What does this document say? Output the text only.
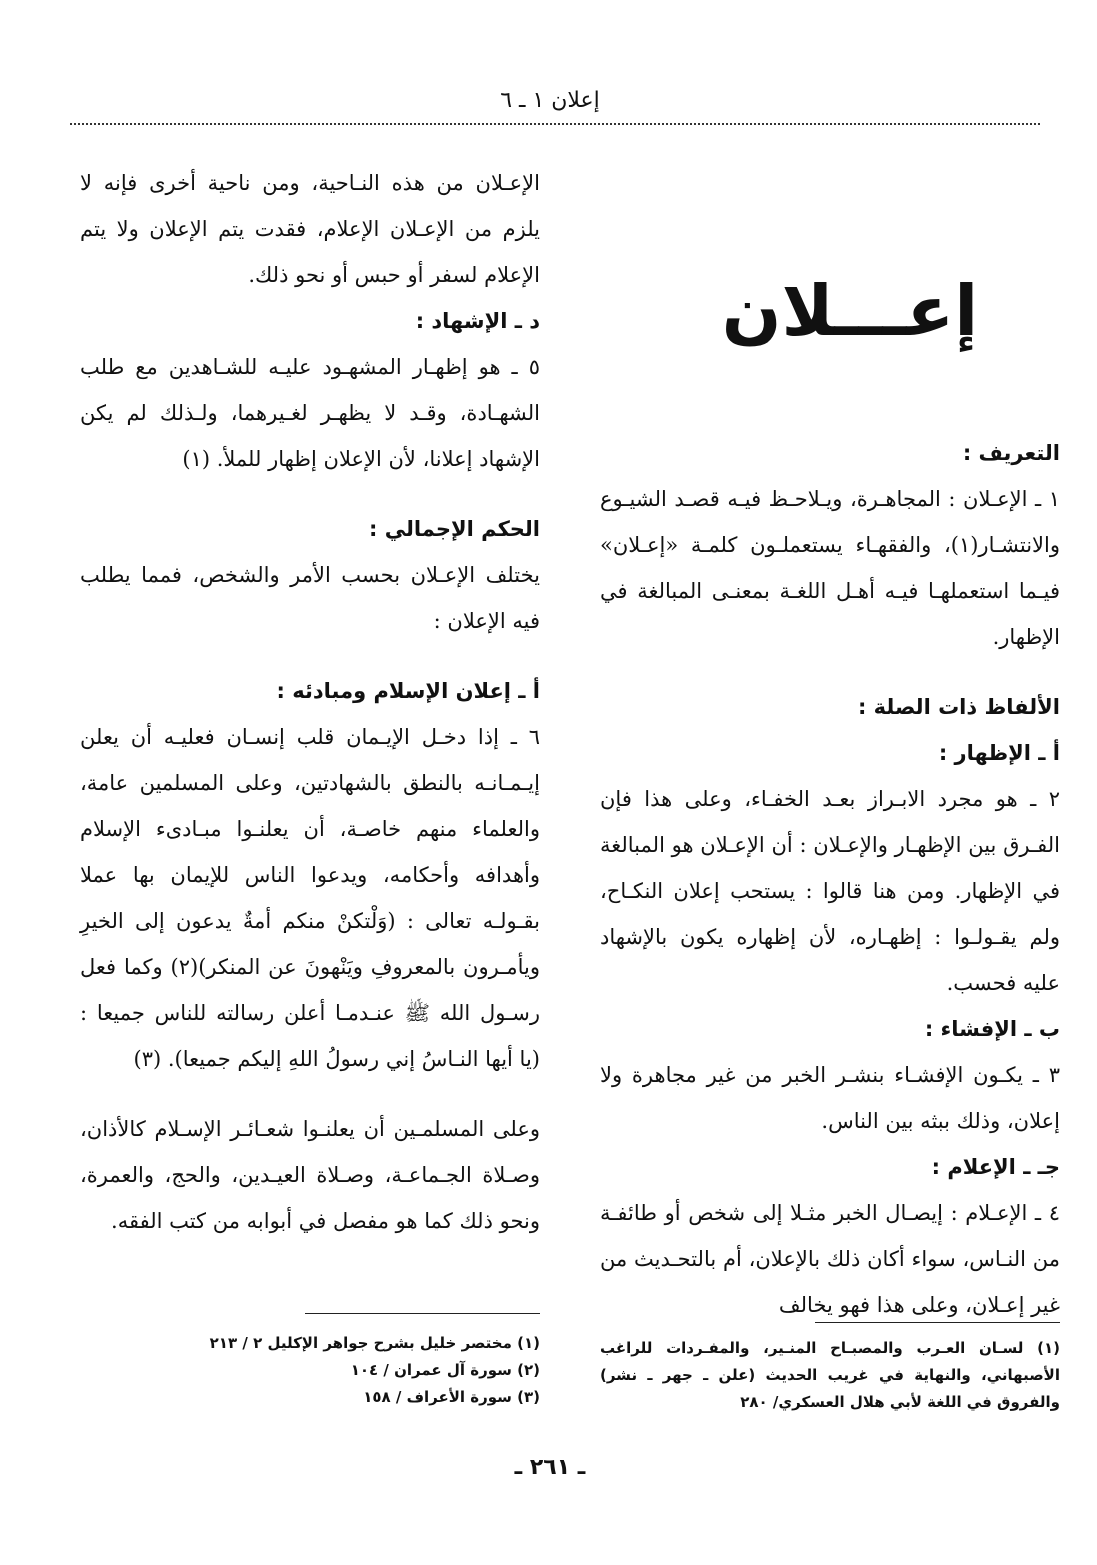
إعلان ١ ـ ٦
إعـــلان

التعريف :

١ ـ الإعـلان : المجاهـرة، ويـلاحـظ فيـه قصـد الشيـوع والانتشـار(١)، والفقهـاء يستعملـون كلمـة «إعـلان» فيـما استعملهـا فيـه أهـل اللغـة بمعنـى المبالغة في الإظهار.

الألفاظ ذات الصلة :

أ ـ الإظهار :

٢ ـ هو مجرد الابـراز بعـد الخفـاء، وعلى هذا فإن الفـرق بين الإظهـار والإعـلان : أن الإعـلان هو المبالغة في الإظهار. ومن هنا قالوا : يستحب إعلان النكـاح، ولم يقـولـوا : إظهـاره، لأن إظهاره يكون بالإشهاد عليه فحسب.

ب ـ الإفشاء :

٣ ـ يكـون الإفشـاء بنشـر الخبر من غير مجاهرة ولا إعلان، وذلك ببثه بين الناس.

جـ ـ الإعلام :

٤ ـ الإعـلام : إيصـال الخبر مثـلا إلى شخص أو طائفـة من النـاس، سواء أكان ذلك بالإعلان، أم بالتحـديث من غير إعـلان، وعلى هذا فهو يخالف

الإعـلان من هذه النـاحية، ومن ناحية أخرى فإنه لا يلزم من الإعـلان الإعلام، فقدت يتم الإعلان ولا يتم الإعلام لسفر أو حبس أو نحو ذلك.

د ـ الإشهاد :

٥ ـ هو إظهـار المشهـود عليـه للشـاهدين مع طلب الشهـادة، وقـد لا يظهـر لغـيرهما، ولـذلك لم يكن الإشهاد إعلانا، لأن الإعلان إظهار للملأ. (١)

الحكم الإجمالي :

يختلف الإعـلان بحسب الأمر والشخص، فمما يطلب فيه الإعلان :

أ ـ إعلان الإسلام ومبادئه :

٦ ـ إذا دخـل الإيـمان قلب إنسـان فعليـه أن يعلن إيـمـانـه بالنطق بالشهادتين، وعلى المسلمين عامة، والعلماء منهم خاصـة، أن يعلنـوا مبـادىء الإسلام وأهدافه وأحكامه، ويدعوا الناس للإيمان بها عملا بقـولـه تعالى : (وَلْتكنْ منكم أمةٌ يدعون إلى الخيرِ ويأمـرون بالمعروفِ ويَنْهونَ عن المنكر)(٢) وكما فعل رسـول الله ﷺ عنـدمـا أعلن رسالته للناس جميعا : (يا أيها النـاسُ إني رسولُ اللهِ إليكم جميعا). (٣)

وعلى المسلمـين أن يعلنـوا شعـائـر الإسـلام كالأذان، وصـلاة الجـماعـة، وصـلاة العيـدين، والحج، والعمرة، ونحو ذلك كما هو مفصل في أبوابه من كتب الفقه.

(١) لسـان العـرب والمصبـاح المنـير، والمفـردات للراغب الأصبهاني، والنهاية في غريب الحديث (علن ـ جهر ـ نشر) والفروق في اللغة لأبي هلال العسكري/ ٢٨٠
(١) مختصر خليل بشرح جواهر الإكليل ٢ / ٢١٣
(٢) سورة آل عمران / ١٠٤
(٣) سورة الأعراف / ١٥٨
ـ ٢٦١ ـ
